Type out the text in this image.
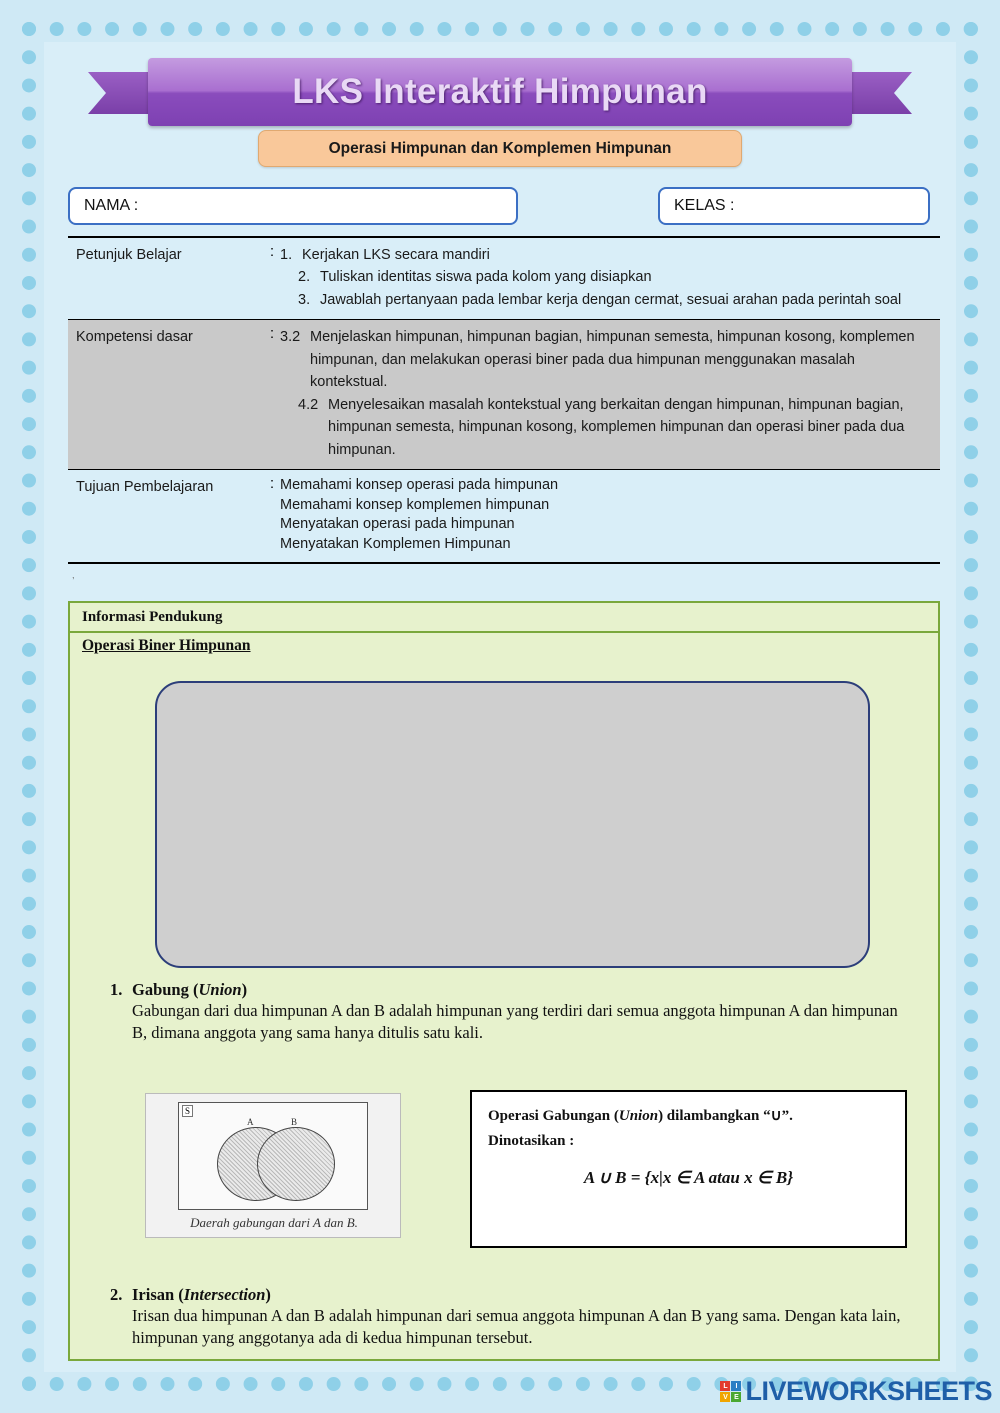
LKS Interaktif Himpunan
Operasi Himpunan dan Komplemen Himpunan
NAMA :	KELAS :
Petunjuk Belajar	: 1. Kerjakan LKS secara mandiri
2. Tuliskan identitas siswa pada kolom yang disiapkan
3. Jawablah pertanyaan pada lembar kerja dengan cermat, sesuai arahan pada perintah soal
Kompetensi dasar	: 3.2 Menjelaskan himpunan, himpunan bagian, himpunan semesta, himpunan kosong, komplemen himpunan, dan melakukan operasi biner pada dua himpunan menggunakan masalah kontekstual.
4.2 Menyelesaikan masalah kontekstual yang berkaitan dengan himpunan, himpunan bagian, himpunan semesta, himpunan kosong, komplemen himpunan dan operasi biner pada dua himpunan.
Tujuan Pembelajaran	: Memahami konsep operasi pada himpunan
Memahami konsep komplemen himpunan
Menyatakan operasi pada himpunan
Menyatakan Komplemen Himpunan
,
Informasi Pendukung
Operasi Biner Himpunan
1. Gabung (Union)
Gabungan dari dua himpunan A dan B adalah himpunan yang terdiri dari semua anggota himpunan A dan himpunan B, dimana anggota yang sama hanya ditulis satu kali.
S
A	B
Daerah gabungan dari A dan B.
Operasi Gabungan (Union) dilambangkan “∪”.
Dinotasikan :
A ∪ B = {x|x ∈ A atau x ∈ B}
2. Irisan (Intersection)
Irisan dua himpunan A dan B adalah himpunan dari semua anggota himpunan A dan B yang sama. Dengan kata lain, himpunan yang anggotanya ada di kedua himpunan tersebut.
L	I
V E LIVEWORKSHEETS
